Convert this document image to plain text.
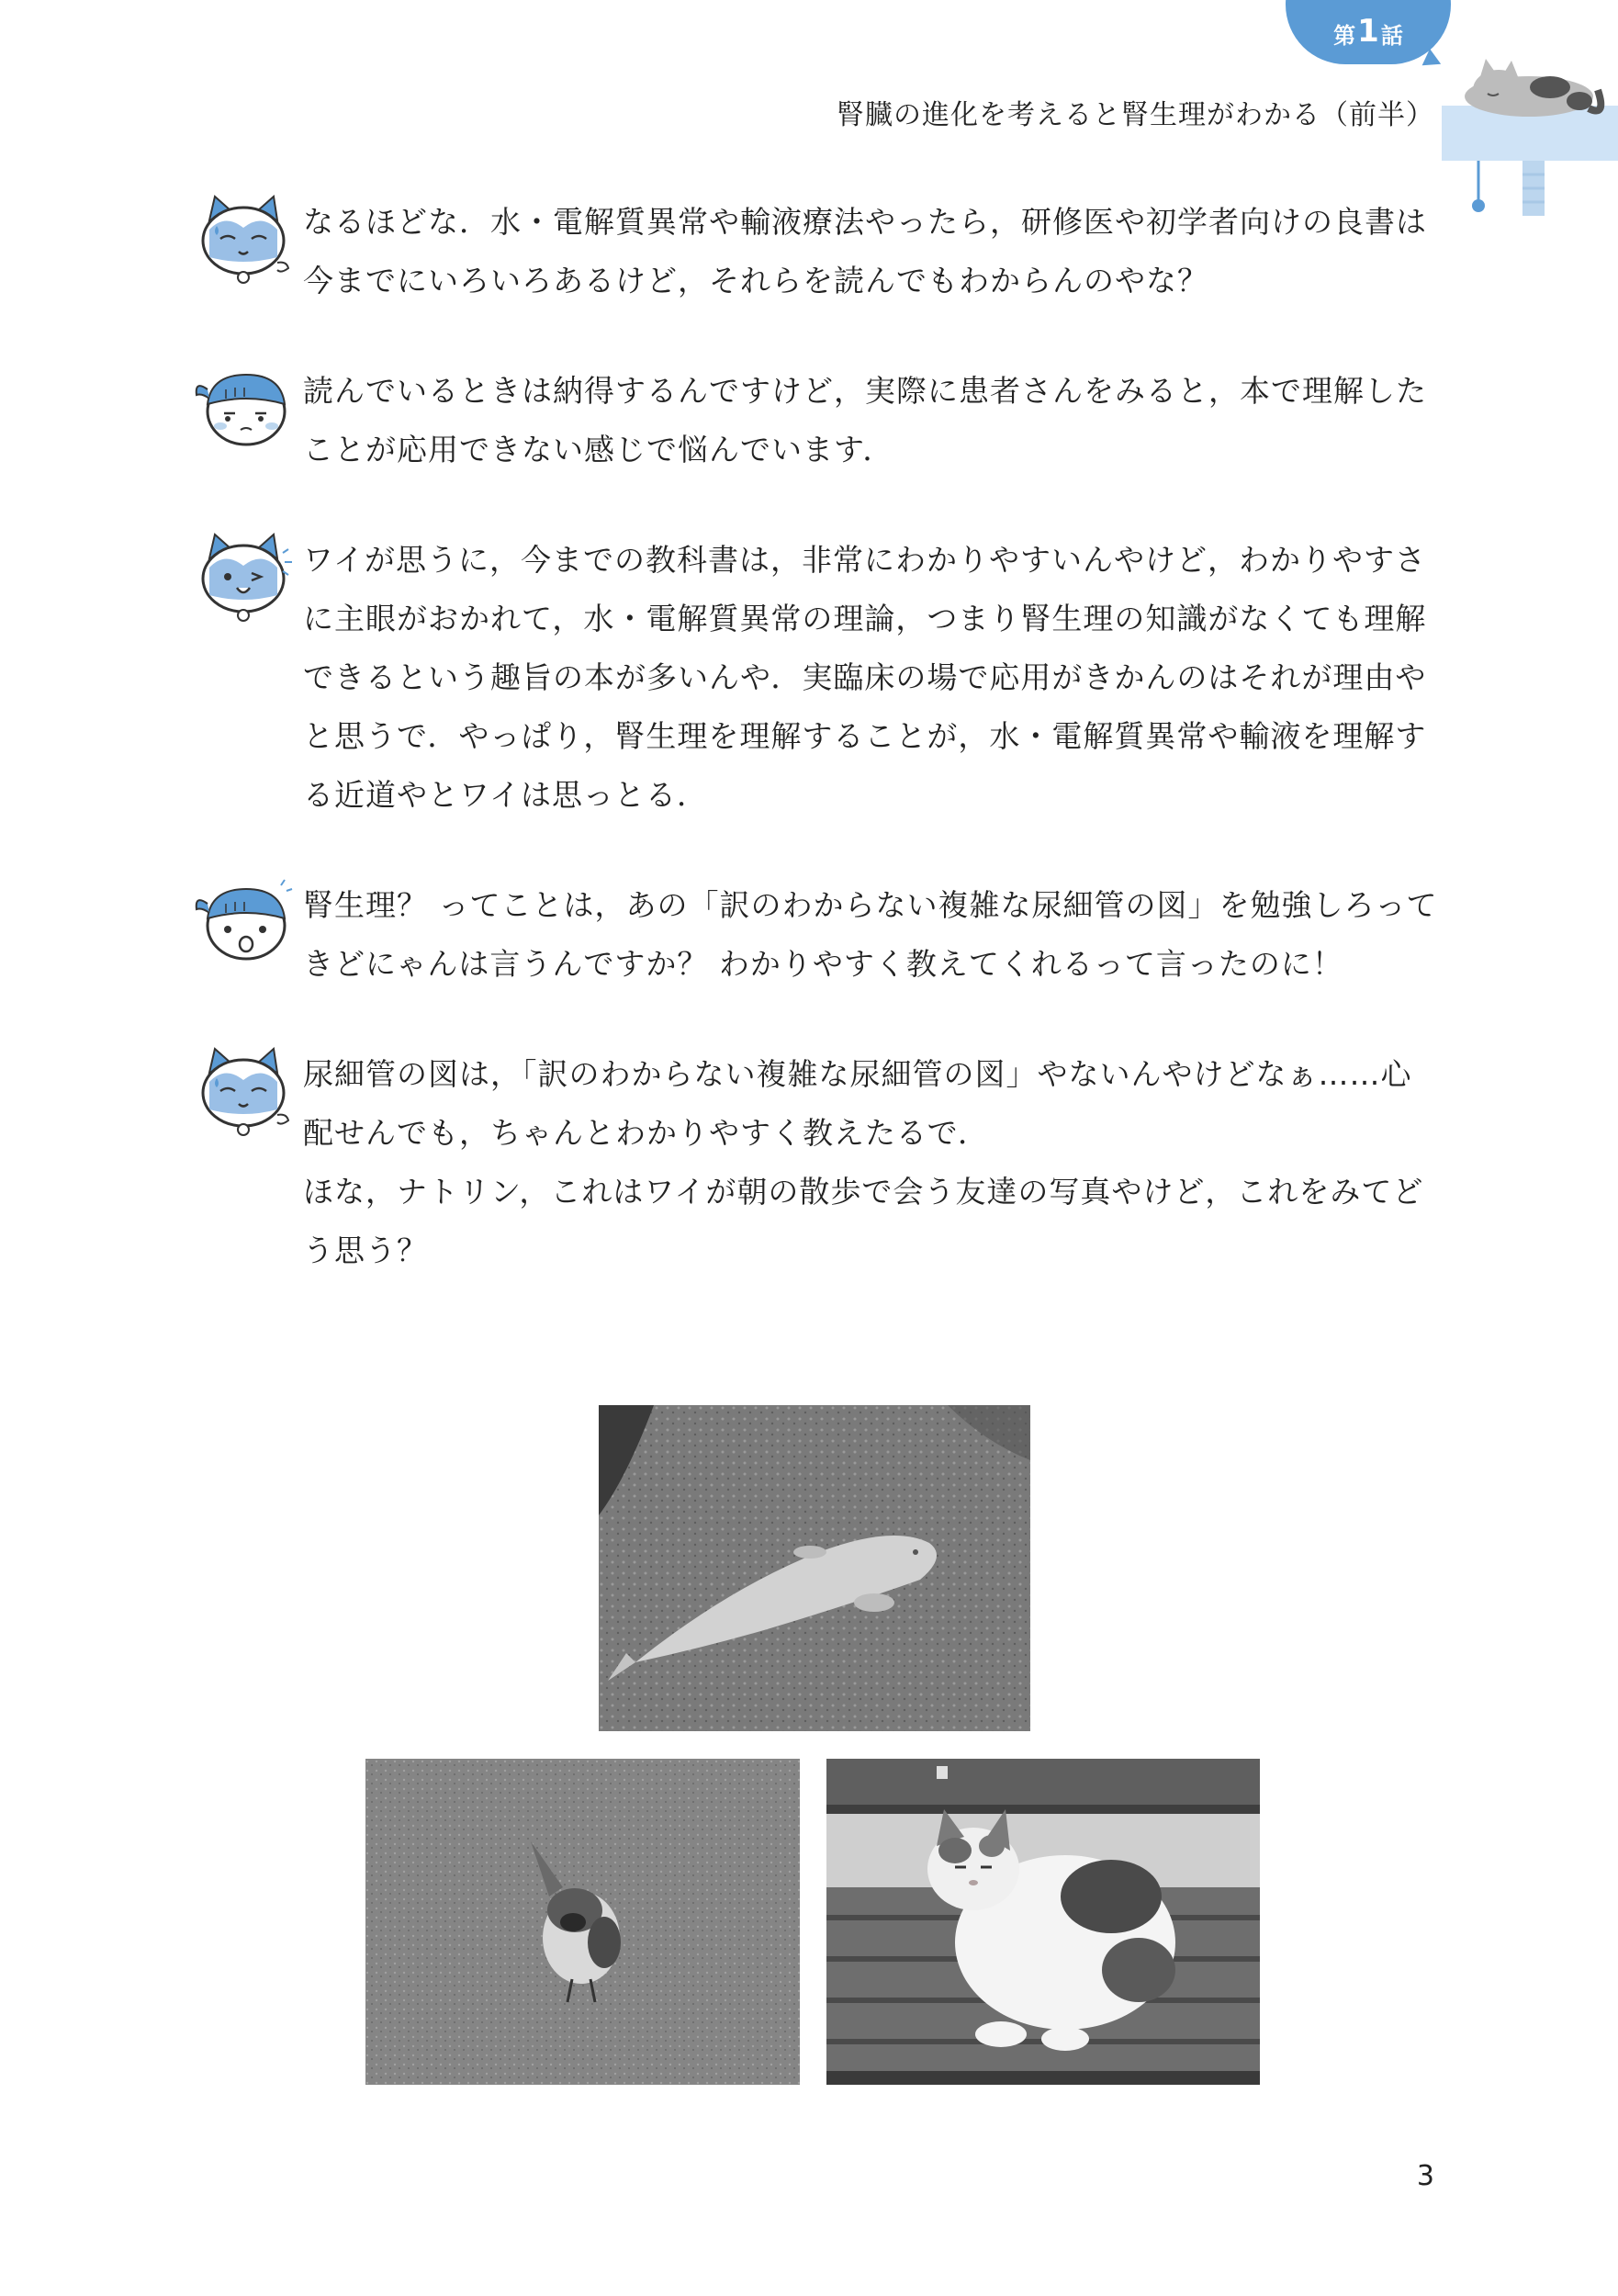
第 1 話
腎臓の進化を考えると腎生理がわかる（前半）

なるほどな．水・電解質異常や輸液療法やったら，研修医や初学者向けの良書は今までにいろいろあるけど，それらを読んでもわからんのやな？

読んでいるときは納得するんですけど，実際に患者さんをみると，本で理解したことが応用できない感じで悩んでいます．

ワイが思うに，今までの教科書は，非常にわかりやすいんやけど，わかりやすさに主眼がおかれて，水・電解質異常の理論，つまり腎生理の知識がなくても理解できるという趣旨の本が多いんや．実臨床の場で応用がきかんのはそれが理由やと思うで．やっぱり，腎生理を理解することが，水・電解質異常や輸液を理解する近道やとワイは思っとる．

腎生理？ ってことは，あの「訳のわからない複雑な尿細管の図」を勉強しろってきどにゃんは言うんですか？ わかりやすく教えてくれるって言ったのに！

尿細管の図は，「訳のわからない複雑な尿細管の図」やないんやけどなぁ……心配せんでも，ちゃんとわかりやすく教えたるで．

ほな，ナトリン，これはワイが朝の散歩で会う友達の写真やけど，これをみてどう思う？

3
